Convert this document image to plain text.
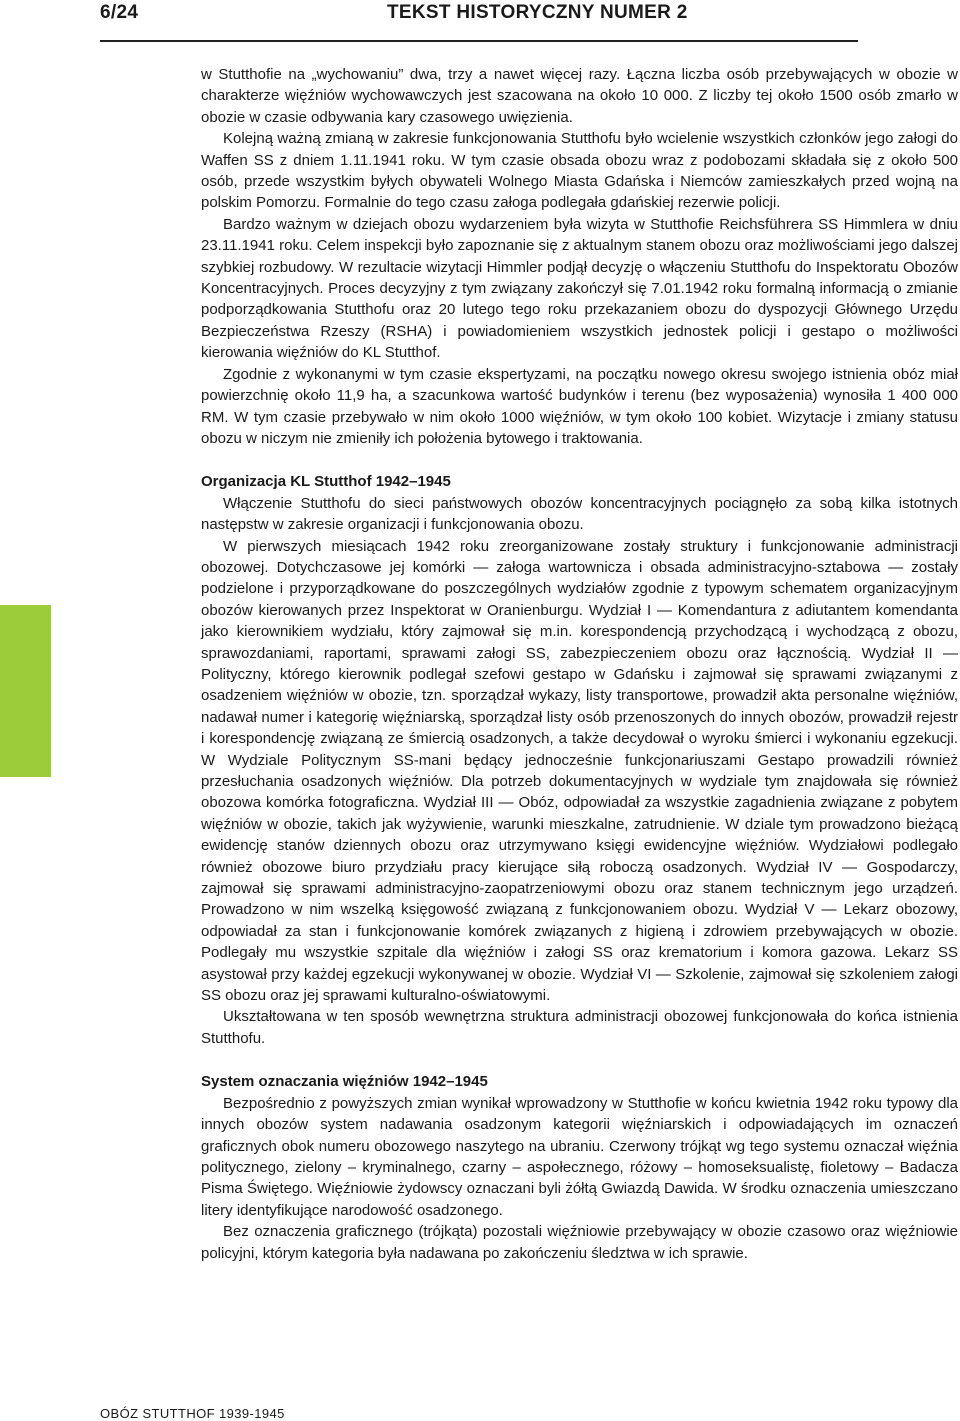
6/24	TEKST HISTORYCZNY NUMER 2

w Stutthofie na „wychowaniu” dwa, trzy a nawet więcej razy. Łączna liczba osób przebywających w obozie w charakterze więźniów wychowawczych jest szacowana na około 10 000. Z liczby tej około 1500 osób zmarło w obozie w czasie odbywania kary czasowego uwięzienia.

Kolejną ważną zmianą w zakresie funkcjonowania Stutthofu było wcielenie wszystkich członków jego załogi do Waffen SS z dniem 1.11.1941 roku. W tym czasie obsada obozu wraz z podobozami składała się z około 500 osób, przede wszystkim byłych obywateli Wolnego Miasta Gdańska i Niemców zamieszkałych przed wojną na polskim Pomorzu. Formalnie do tego czasu załoga podlegała gdańskiej rezerwie policji.

Bardzo ważnym w dziejach obozu wydarzeniem była wizyta w Stutthofie Reichsführera SS Himmlera w dniu 23.11.1941 roku. Celem inspekcji było zapoznanie się z aktualnym stanem obozu oraz możliwościami jego dalszej szybkiej rozbudowy. W rezultacie wizytacji Himmler podjął decyzję o włączeniu Stutthofu do Inspektoratu Obozów Koncentracyjnych. Proces decyzyjny z tym związany zakończył się 7.01.1942 roku formalną informacją o zmianie podporządkowania Stutthofu oraz 20 lutego tego roku przekazaniem obozu do dyspozycji Głównego Urzędu Bezpieczeństwa Rzeszy (RSHA) i powiadomieniem wszystkich jednostek policji i gestapo o możliwości kierowania więźniów do KL Stutthof.

Zgodnie z wykonanymi w tym czasie ekspertyzami, na początku nowego okresu swojego istnienia obóz miał powierzchnię około 11,9 ha, a szacunkowa wartość budynków i terenu (bez wyposażenia) wynosiła 1 400 000 RM. W tym czasie przebywało w nim około 1000 więźniów, w tym około 100 kobiet. Wizytacje i zmiany statusu obozu w niczym nie zmieniły ich położenia bytowego i traktowania.

Organizacja KL Stutthof 1942–1945

Włączenie Stutthofu do sieci państwowych obozów koncentracyjnych pociągnęło za sobą kilka istotnych następstw w zakresie organizacji i funkcjonowania obozu.

W pierwszych miesiącach 1942 roku zreorganizowane zostały struktury i funkcjonowanie administracji obozowej. Dotychczasowe jej komórki — załoga wartownicza i obsada administracyjno-sztabowa — zostały podzielone i przyporządkowane do poszczególnych wydziałów zgodnie z typowym schematem organizacyjnym obozów kierowanych przez Inspektorat w Oranienburgu. Wydział I — Komendantura z adiutantem komendanta jako kierownikiem wydziału, który zajmował się m.in. korespondencją przychodzącą i wychodzącą z obozu, sprawozdaniami, raportami, sprawami załogi SS, zabezpieczeniem obozu oraz łącznością. Wydział II — Polityczny, którego kierownik podlegał szefowi gestapo w Gdańsku i zajmował się sprawami związanymi z osadzeniem więźniów w obozie, tzn. sporządzał wykazy, listy transportowe, prowadził akta personalne więźniów, nadawał numer i kategorię więźniarską, sporządzał listy osób przenoszonych do innych obozów, prowadził rejestr i korespondencję związaną ze śmiercią osadzonych, a także decydował o wyroku śmierci i wykonaniu egzekucji. W Wydziale Politycznym SS-mani będący jednocześnie funkcjonariuszami Gestapo prowadzili również przesłuchania osadzonych więźniów. Dla potrzeb dokumentacyjnych w wydziale tym znajdowała się również obozowa komórka fotograficzna. Wydział III — Obóz, odpowiadał za wszystkie zagadnienia związane z pobytem więźniów w obozie, takich jak wyżywienie, warunki mieszkalne, zatrudnienie. W dziale tym prowadzono bieżącą ewidencję stanów dziennych obozu oraz utrzymywano księgi ewidencyjne więźniów. Wydziałowi podlegało również obozowe biuro przydziału pracy kierujące siłą roboczą osadzonych. Wydział IV — Gospodarczy, zajmował się sprawami administracyjno-zaopatrzeniowymi obozu oraz stanem technicznym jego urządzeń. Prowadzono w nim wszelką księgowość związaną z funkcjonowaniem obozu. Wydział V — Lekarz obozowy, odpowiadał za stan i funkcjonowanie komórek związanych z higieną i zdrowiem przebywających w obozie. Podlegały mu wszystkie szpitale dla więźniów i załogi SS oraz krematorium i komora gazowa. Lekarz SS asystował przy każdej egzekucji wykonywanej w obozie. Wydział VI — Szkolenie, zajmował się szkoleniem załogi SS obozu oraz jej sprawami kulturalno-oświatowymi.

Ukształtowana w ten sposób wewnętrzna struktura administracji obozowej funkcjonowała do końca istnienia Stutthofu.

System oznaczania więźniów 1942–1945

Bezpośrednio z powyższych zmian wynikał wprowadzony w Stutthofie w końcu kwietnia 1942 roku typowy dla innych obozów system nadawania osadzonym kategorii więźniarskich i odpowiadających im oznaczeń graficznych obok numeru obozowego naszytego na ubraniu. Czerwony trójkąt wg tego systemu oznaczał więźnia politycznego, zielony – kryminalnego, czarny – aspołecznego, różowy – homoseksualistę, fioletowy – Badacza Pisma Świętego. Więźniowie żydowscy oznaczani byli żółtą Gwiazdą Dawida. W środku oznaczenia umieszczano litery identyfikujące narodowość osadzonego.

Bez oznaczenia graficznego (trójkąta) pozostali więźniowie przebywający w obozie czasowo oraz więźniowie policyjni, którym kategoria była nadawana po zakończeniu śledztwa w ich sprawie.

OBÓZ STUTTHOF 1939-1945
